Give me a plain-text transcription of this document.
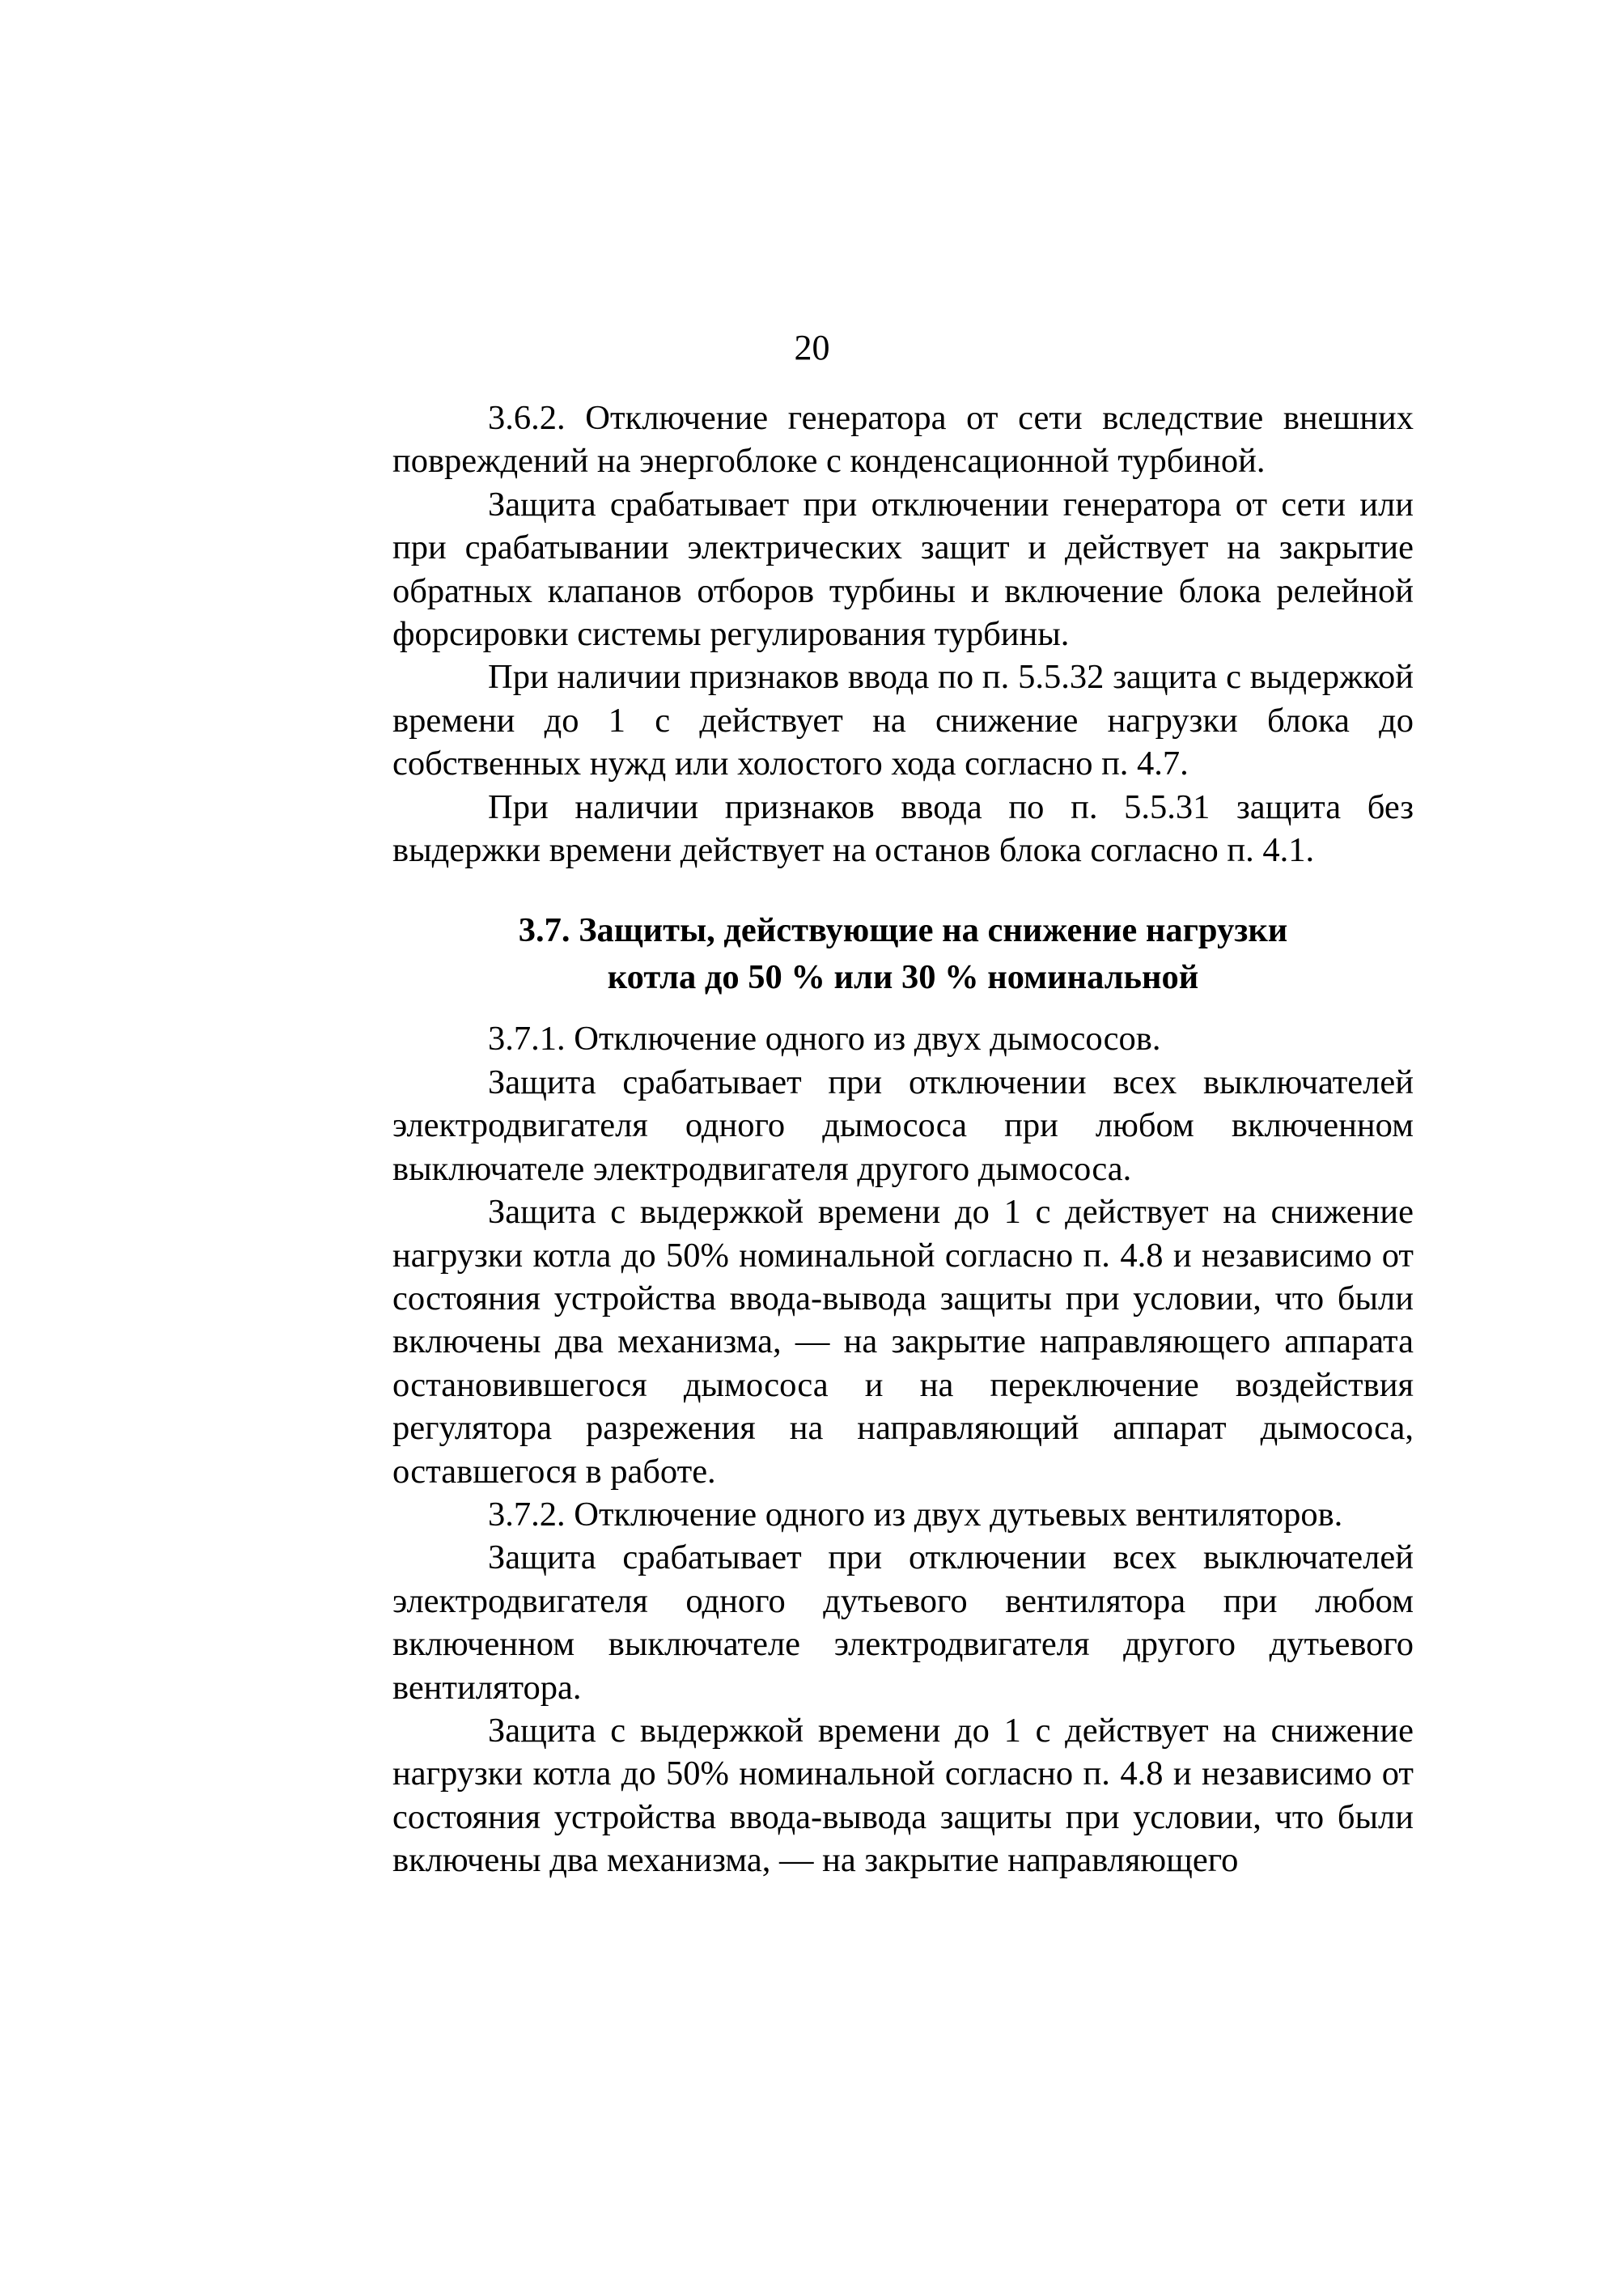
20

3.6.2. Отключение генератора от сети вследствие внешних повреждений на энергоблоке с конденсационной турбиной.

Защита срабатывает при отключении генератора от сети или при срабатывании электрических защит и действует на закрытие обратных клапанов отборов турбины и включение блока релейной форсировки системы регулирования турбины.

При наличии признаков ввода по п. 5.5.32 защита с выдержкой времени до 1 с действует на снижение нагрузки блока до собственных нужд или холостого хода согласно п. 4.7.

При наличии признаков ввода по п. 5.5.31 защита без выдержки времени действует на останов блока согласно п. 4.1.

3.7. Защиты, действующие на снижение нагрузки
котла до 50 % или 30 % номинальной

3.7.1. Отключение одного из двух дымососов.

Защита срабатывает при отключении всех выключателей электродвигателя одного дымососа при любом включенном выключателе электродвигателя другого дымососа.

Защита с выдержкой времени до 1 с действует на снижение нагрузки котла до 50% номинальной согласно п. 4.8 и независимо от состояния устройства ввода-вывода защиты при условии, что были включены два механизма, — на закрытие направляющего аппарата остановившегося дымососа и на переключение воздействия регулятора разрежения на направляющий аппарат дымососа, оставшегося в работе.

3.7.2. Отключение одного из двух дутьевых вентиляторов.

Защита срабатывает при отключении всех выключателей электродвигателя одного дутьевого вентилятора при любом включенном выключателе электродвигателя другого дутьевого вентилятора.

Защита с выдержкой времени до 1 с действует на снижение нагрузки котла до 50% номинальной согласно п. 4.8 и независимо от состояния устройства ввода-вывода защиты при условии, что были включены два механизма, — на закрытие направляющего
